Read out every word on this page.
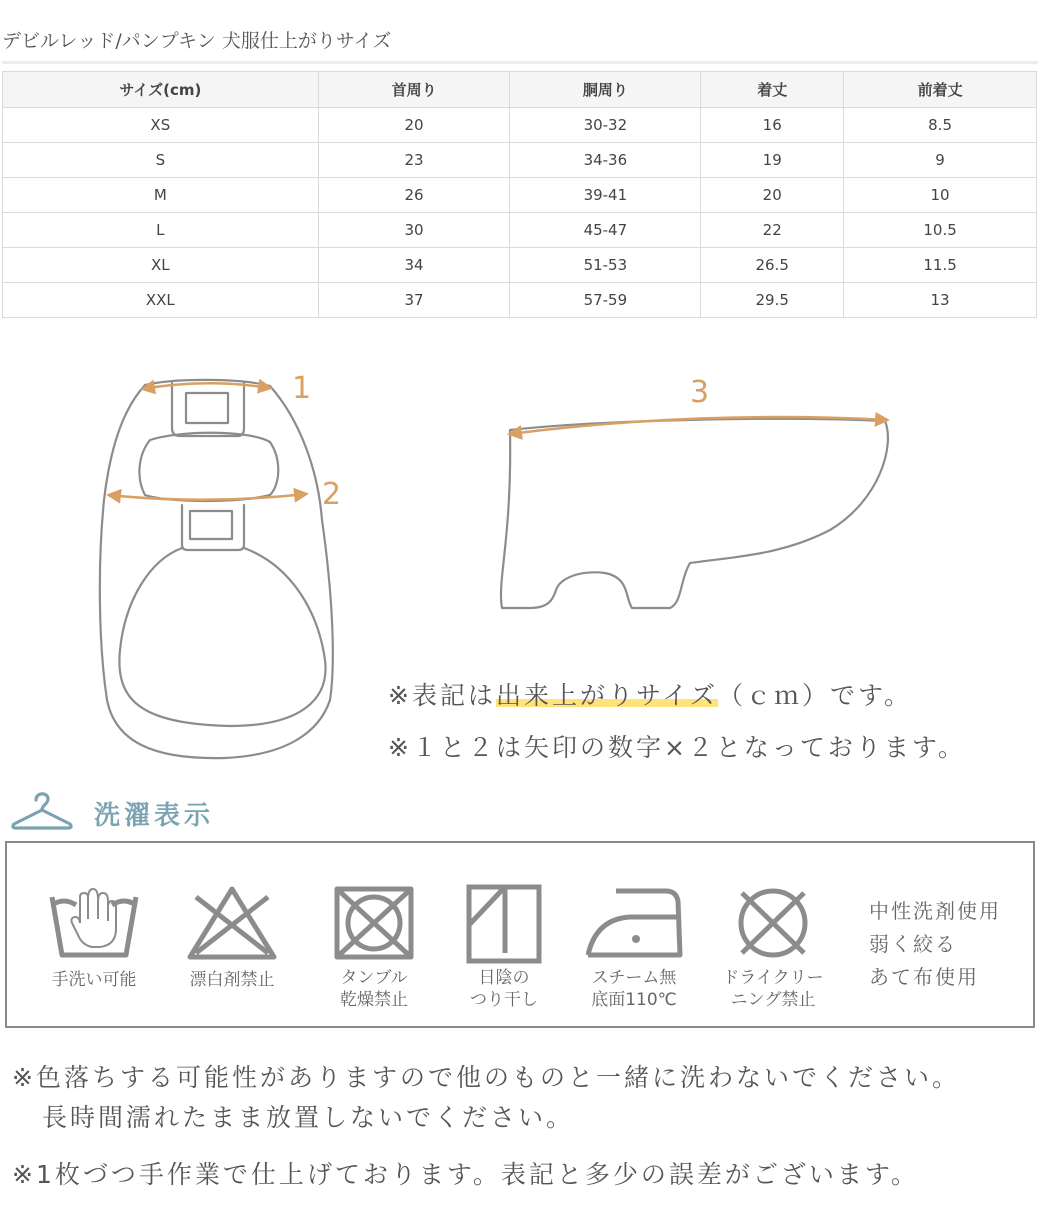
デビルレッド/パンプキン 犬服仕上がりサイズ
サイズ(cm)	首周り	胴周り	着丈	前着丈
XS	20	30-32	16	8.5
S	23	34-36	19	9
M	26	39-41	20	10
L	30	45-47	22	10.5
XL	34	51-53	26.5	11.5
XXL	37	57-59	29.5	13
1
2
3
※表記は出来上がりサイズ（ｃｍ）です。
※１と２は矢印の数字×２となっております。
洗濯表示
手洗い可能	漂白剤禁止	タンブル
乾燥禁止
日陰の
つり干し
スチーム無
底面110℃
ドライクリー
ニング禁止
中性洗剤使用
弱く絞る
あて布使用
※色落ちする可能性がありますので他のものと一緒に洗わないでください。
長時間濡れたまま放置しないでください。
※1枚づつ手作業で仕上げております。表記と多少の誤差がございます。
